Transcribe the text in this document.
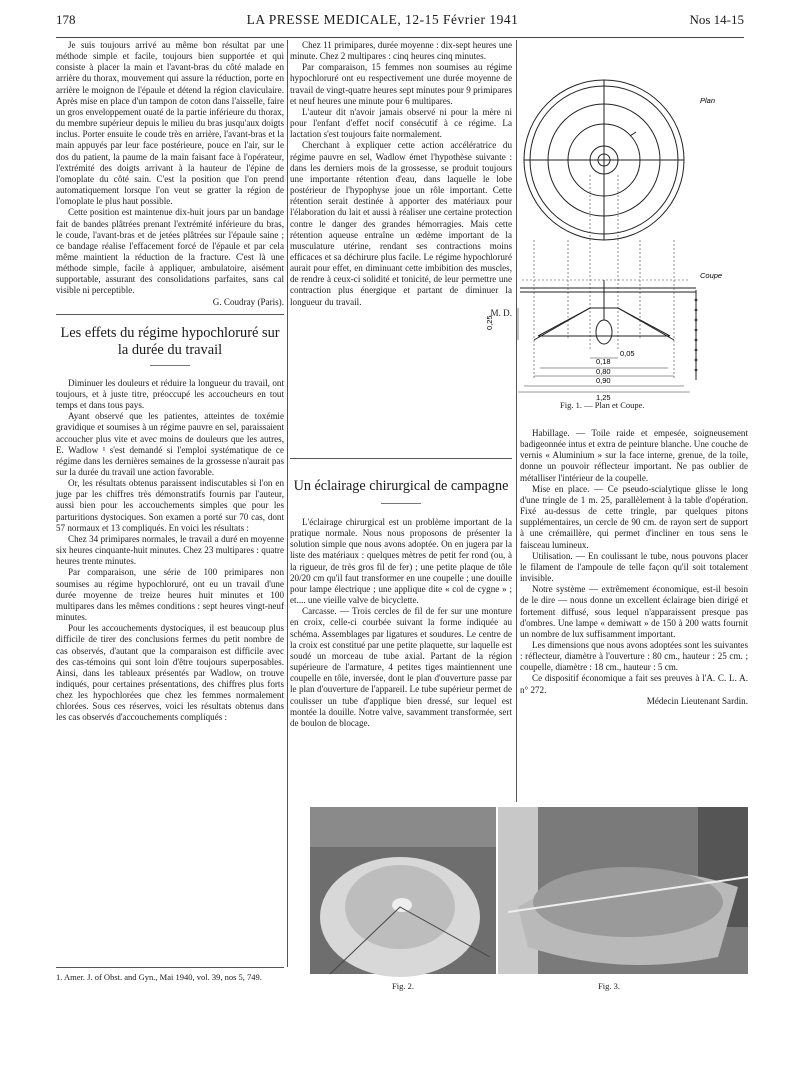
178	LA PRESSE MEDICALE, 12-15 Février 1941	Nos 14-15

Je suis toujours arrivé au même bon résultat par une méthode simple et facile, toujours bien supportée et qui consiste à placer la main et l'avant-bras du côté malade en arrière du thorax, mouvement qui assure la réduction, porte en arrière le moignon de l'épaule et détend la région claviculaire. Après mise en place d'un tampon de coton dans l'aisselle, faire un gros enveloppement ouaté de la partie inférieure du thorax, du membre supérieur depuis le milieu du bras jusqu'aux doigts inclus. Porter ensuite le coude très en arrière, l'avant-bras et la main appuyés par leur face postérieure, pouce en l'air, sur le dos du patient, la paume de la main faisant face à l'opérateur, l'extrémité des doigts arrivant à la hauteur de l'épine de l'omoplate du côté sain. C'est la position que l'on prend automatiquement lorsque l'on veut se gratter la région de l'omoplate le plus haut possible.

Cette position est maintenue dix-huit jours par un bandage fait de bandes plâtrées prenant l'extrémité inférieure du bras, le coude, l'avant-bras et de jetées plâtrées sur l'épaule saine ; ce bandage réalise l'effacement forcé de l'épaule et par cela même maintient la réduction de la fracture. C'est là une méthode simple, facile à appliquer, ambulatoire, aisément supportable, assurant des consolidations parfaites, sans cal visible ni perceptible.

G. Coudray (Paris).

Les effets du régime hypochloruré sur la durée du travail

Diminuer les douleurs et réduire la longueur du travail, ont toujours, et à juste titre, préoccupé les accoucheurs en tout temps et dans tous pays.

Ayant observé que les patientes, atteintes de toxémie gravidique et soumises à un régime pauvre en sel, paraissaient accoucher plus vite et avec moins de douleurs que les autres, E. Wadlow ¹ s'est demandé si l'emploi systématique de ce régime dans les dernières semaines de la grossesse n'aurait pas sur la durée du travail une action favorable.

Or, les résultats obtenus paraissent indiscutables si l'on en juge par les chiffres très démonstratifs fournis par l'auteur, aussi bien pour les accouchements simples que pour les parturitions dystociques. Son examen a porté sur 70 cas, dont 57 normaux et 13 compliqués. En voici les résultats :

Chez 34 primipares normales, le travail a duré en moyenne six heures cinquante-huit minutes. Chez 23 multipares : quatre heures trente minutes.

Par comparaison, une série de 100 primipares non soumises au régime hypochloruré, ont eu un travail d'une durée moyenne de treize heures huit minutes et 100 multipares dans les mêmes conditions : sept heures vingt-neuf minutes.

Pour les accouchements dystociques, il est beaucoup plus difficile de tirer des conclusions fermes du petit nombre de cas observés, d'autant que la comparaison est difficile avec des cas-témoins qui sont loin d'être toujours superposables. Ainsi, dans les tableaux présentés par Wadlow, on trouve indiqués, pour certaines présentations, des chiffres plus forts chez les hypochlorées que chez les femmes normalement chlorées. Sous ces réserves, voici les résultats obtenus dans les cas observés d'accouchements compliqués :

1. Amer. J. of Obst. and Gyn., Mai 1940, vol. 39, nos 5, 749.

Chez 11 primipares, durée moyenne : dix-sept heures une minute. Chez 2 multipares : cinq heures cinq minutes.

Par comparaison, 15 femmes non soumises au régime hypochloruré ont eu respectivement une durée moyenne de travail de vingt-quatre heures sept minutes pour 9 primipares et neuf heures une minute pour 6 multipares.

L'auteur dit n'avoir jamais observé ni pour la mère ni pour l'enfant d'effet nocif consécutif à ce régime. La lactation s'est toujours faite normalement.

Cherchant à expliquer cette action accélératrice du régime pauvre en sel, Wadlow émet l'hypothèse suivante : dans les derniers mois de la grossesse, se produit toujours une importante rétention d'eau, dans laquelle le lobe postérieur de l'hypophyse joue un rôle important. Cette rétention serait destinée à apporter des matériaux pour l'élaboration du lait et aussi à réaliser une certaine protection contre le danger des grandes hémorragies. Mais cette rétention aqueuse entraîne un œdème important de la musculature utérine, rendant ses contractions moins efficaces et sa déchirure plus facile. Le régime hypochloruré aurait pour effet, en diminuant cette imbibition des muscles, de rendre à ceux-ci solidité et tonicité, de leur permettre une contraction plus énergique et partant de diminuer la longueur du travail.

M. D.

Un éclairage chirurgical de campagne

L'éclairage chirurgical est un problème important de la pratique normale. Nous nous proposons de présenter la solution simple que nous avons adoptée. On en jugera par la liste des matériaux : quelques mètres de petit fer rond (ou, à la rigueur, de très gros fil de fer) ; une petite plaque de tôle 20/20 cm qu'il faut transformer en une coupelle ; une douille pour lampe électrique ; une applique dite « col de cygne » ; et.... une vieille valve de bicyclette.

Carcasse. — Trois cercles de fil de fer sur une monture en croix, celle-ci courbée suivant la forme indiquée au schéma. Assemblages par ligatures et soudures. Le centre de la croix est constitué par une petite plaquette, sur laquelle est soudé un morceau de tube axial. Partant de la région supérieure de l'armature, 4 petites tiges maintiennent une coupelle en tôle, inversée, dont le plan d'ouverture passe par le plan d'ouverture de l'appareil. Le tube supérieur permet de coulisser un tube d'applique bien dressé, sur lequel est montée la douille. Notre valve, savamment transformée, sert de boulon de blocage.

Plan
Coupe
0,25
0,05
0,18
0,80
0,90
1,25
Fig. 1. — Plan et Coupe.

Habillage. — Toile raide et empesée, soigneusement badigeonnée intus et extra de peinture blanche. Une couche de vernis « Aluminium » sur la face interne, grenue, de la toile, donne un pouvoir réflecteur important. Ne pas oublier de métalliser l'intérieur de la coupelle.

Mise en place. — Ce pseudo-scialytique glisse le long d'une tringle de 1 m. 25, parallèlement à la table d'opération. Fixé au-dessus de cette tringle, par quelques pitons supplémentaires, un cercle de 90 cm. de rayon sert de support à une crémaillère, qui permet d'incliner en tous sens le faisceau lumineux.

Utilisation. — En coulissant le tube, nous pouvons placer le filament de l'ampoule de telle façon qu'il soit totalement invisible.

Notre système — extrêmement économique, est-il besoin de le dire — nous donne un excellent éclairage bien dirigé et fortement diffusé, sous lequel n'apparaissent presque pas d'ombres. Une lampe « demiwatt » de 150 à 200 watts fournit un nombre de lux suffisamment important.

Les dimensions que nous avons adoptées sont les suivantes : réflecteur, diamètre à l'ouverture : 80 cm., hauteur : 25 cm. ; coupelle, diamètre : 18 cm., hauteur : 5 cm.

Ce dispositif économique a fait ses preuves à l'A. C. L. A. n° 272.

Médecin Lieutenant Sardin.

Fig. 2.	Fig. 3.
